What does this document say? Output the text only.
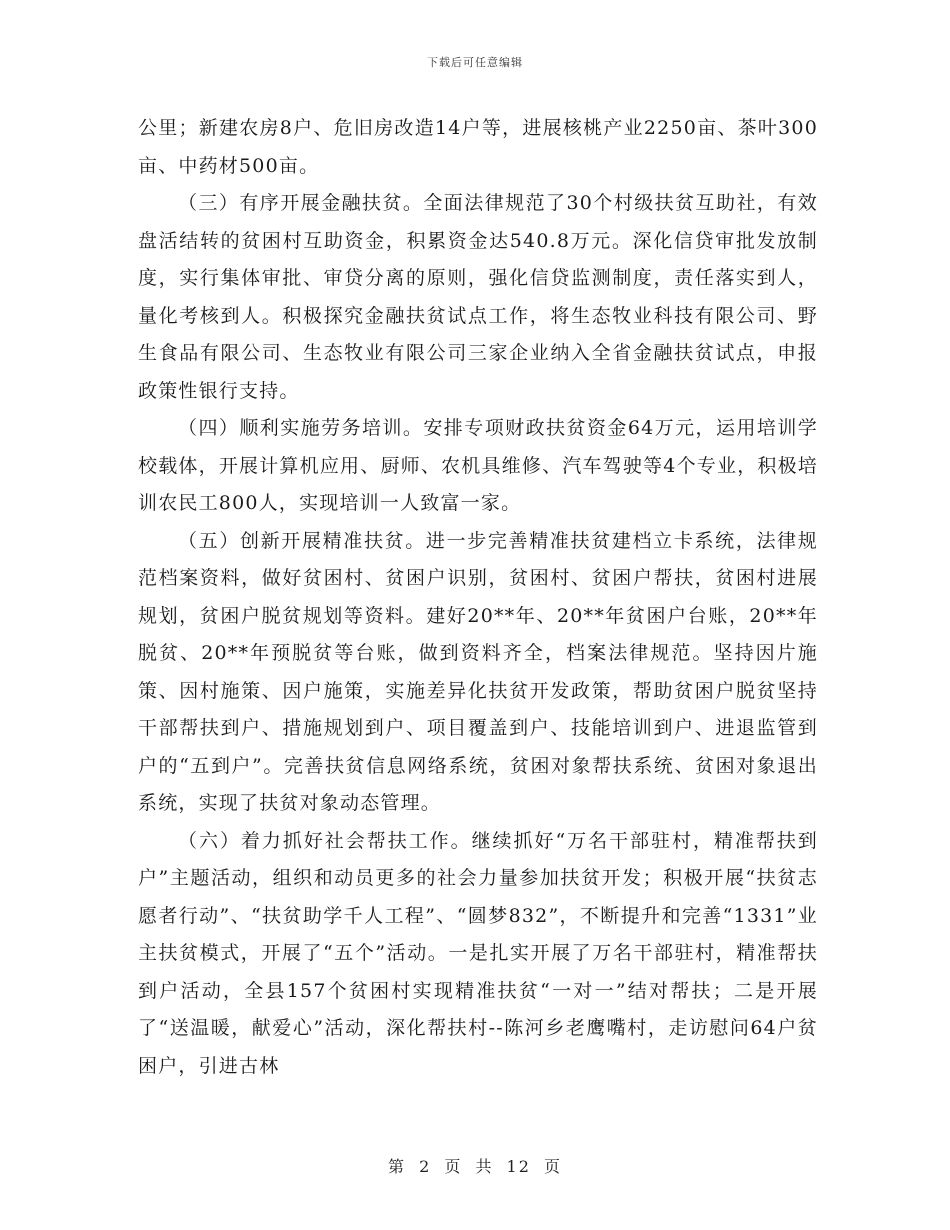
下载后可任意编辑

公里；新建农房8户、危旧房改造14户等，进展核桃产业2250亩、茶叶300亩、中药材500亩。

（三）有序开展金融扶贫。全面法律规范了30个村级扶贫互助社，有效盘活结转的贫困村互助资金，积累资金达540.8万元。深化信贷审批发放制度，实行集体审批、审贷分离的原则，强化信贷监测制度，责任落实到人，量化考核到人。积极探究金融扶贫试点工作，将生态牧业科技有限公司、野生食品有限公司、生态牧业有限公司三家企业纳入全省金融扶贫试点，申报政策性银行支持。

（四）顺利实施劳务培训。安排专项财政扶贫资金64万元，运用培训学校载体，开展计算机应用、厨师、农机具维修、汽车驾驶等4个专业，积极培训农民工800人，实现培训一人致富一家。

（五）创新开展精准扶贫。进一步完善精准扶贫建档立卡系统，法律规范档案资料，做好贫困村、贫困户识别，贫困村、贫困户帮扶，贫困村进展规划，贫困户脱贫规划等资料。建好20**年、20**年贫困户台账，20**年脱贫、20**年预脱贫等台账，做到资料齐全，档案法律规范。坚持因片施策、因村施策、因户施策，实施差异化扶贫开发政策，帮助贫困户脱贫坚持干部帮扶到户、措施规划到户、项目覆盖到户、技能培训到户、进退监管到户的“五到户”。完善扶贫信息网络系统，贫困对象帮扶系统、贫困对象退出系统，实现了扶贫对象动态管理。

（六）着力抓好社会帮扶工作。继续抓好“万名干部驻村，精准帮扶到户”主题活动，组织和动员更多的社会力量参加扶贫开发；积极开展“扶贫志愿者行动”、“扶贫助学千人工程”、“圆梦832”，不断提升和完善“1331”业主扶贫模式，开展了“五个”活动。一是扎实开展了万名干部驻村，精准帮扶到户活动，全县157个贫困村实现精准扶贫“一对一”结对帮扶；二是开展了“送温暖，献爱心”活动，深化帮扶村--陈河乡老鹰嘴村，走访慰问64户贫困户，引进古林

第 2 页 共 12 页
